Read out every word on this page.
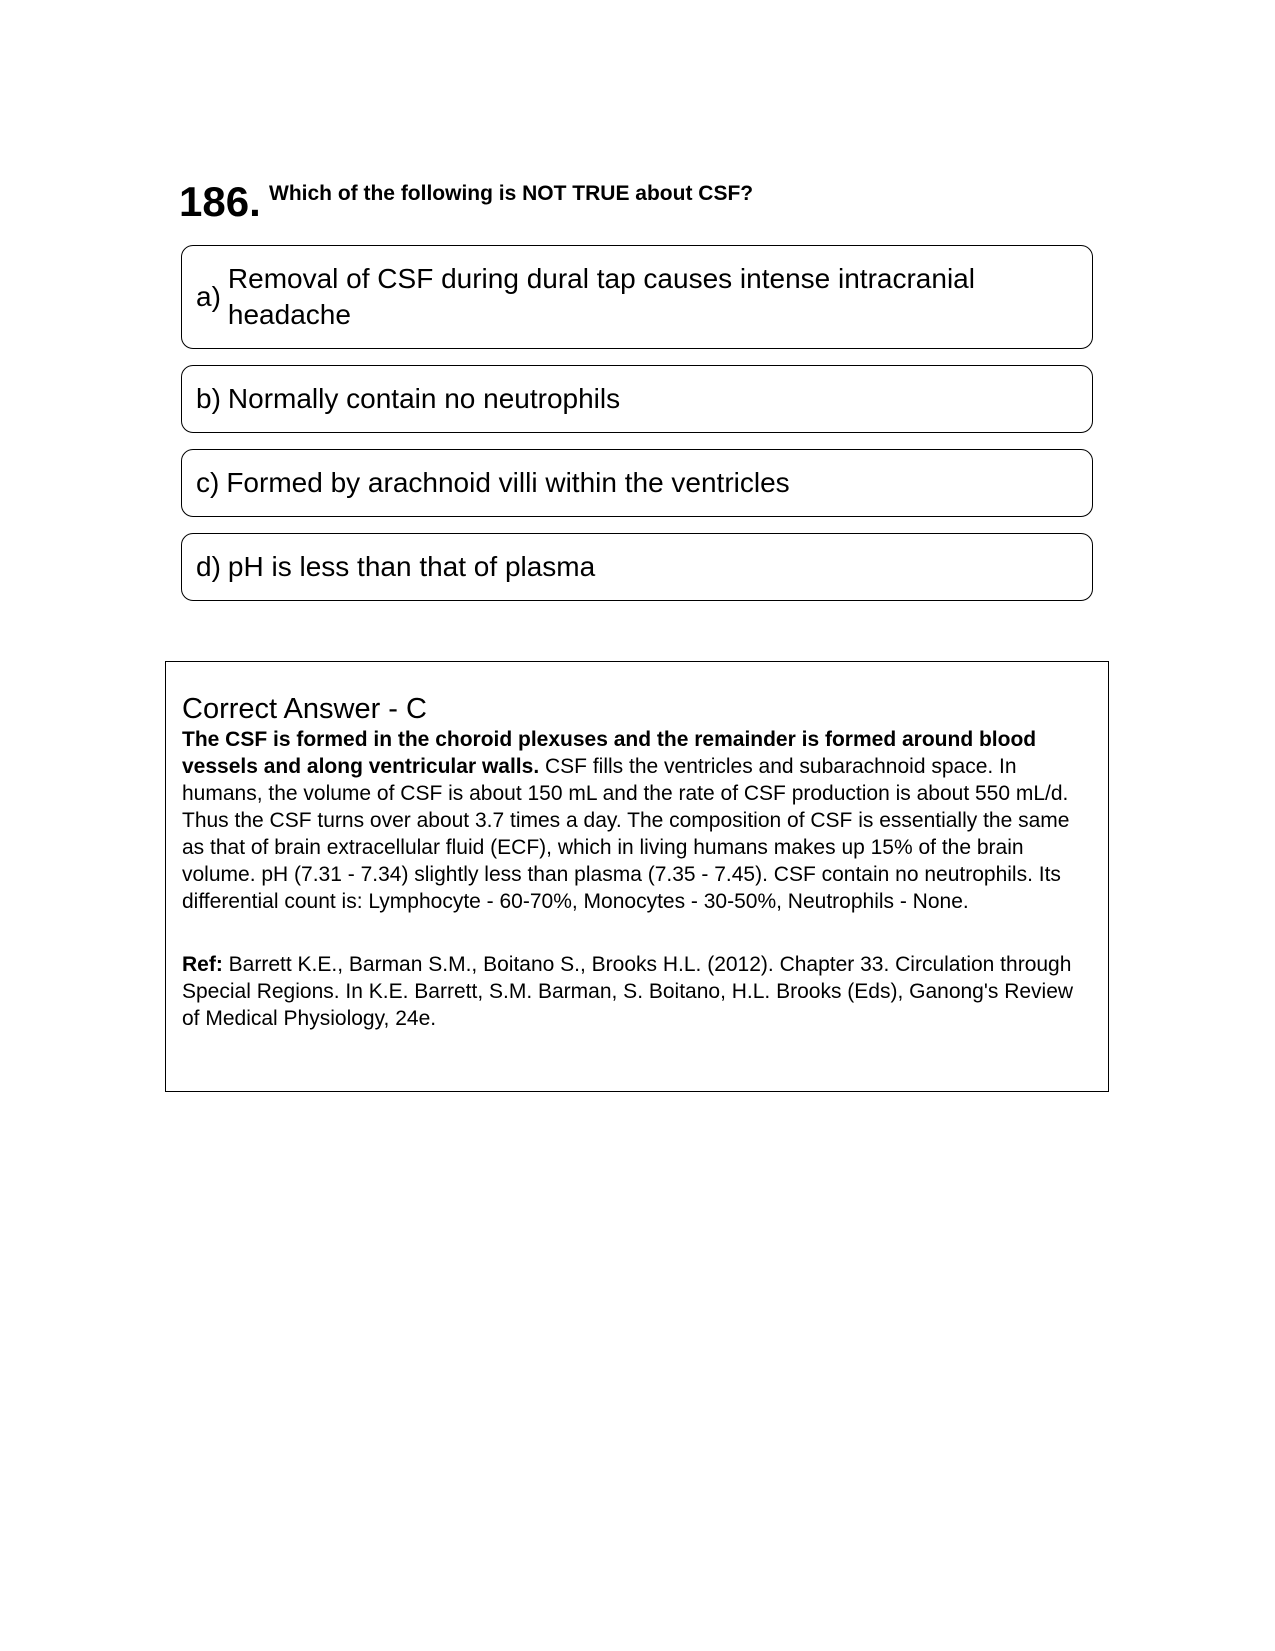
186. Which of the following is NOT TRUE about CSF?
a)
Removal of CSF during dural tap causes intense intracranial headache
b) Normally contain no neutrophils
c) Formed by arachnoid villi within the ventricles
d) pH is less than that of plasma

Correct Answer - C

The CSF is formed in the choroid plexuses and the remainder is formed around blood vessels and along ventricular walls. CSF fills the ventricles and subarachnoid space. In humans, the volume of CSF is about 150 mL and the rate of CSF production is about 550 mL/d. Thus the CSF turns over about 3.7 times a day. The composition of CSF is essentially the same as that of brain extracellular fluid (ECF), which in living humans makes up 15% of the brain volume. pH (7.31 - 7.34) slightly less than plasma (7.35 - 7.45). CSF contain no neutrophils. Its differential count is: Lymphocyte - 60-70%, Monocytes - 30-50%, Neutrophils - None.

Ref: Barrett K.E., Barman S.M., Boitano S., Brooks H.L. (2012). Chapter 33. Circulation through Special Regions. In K.E. Barrett, S.M. Barman, S. Boitano, H.L. Brooks (Eds), Ganong's Review of Medical Physiology, 24e.
